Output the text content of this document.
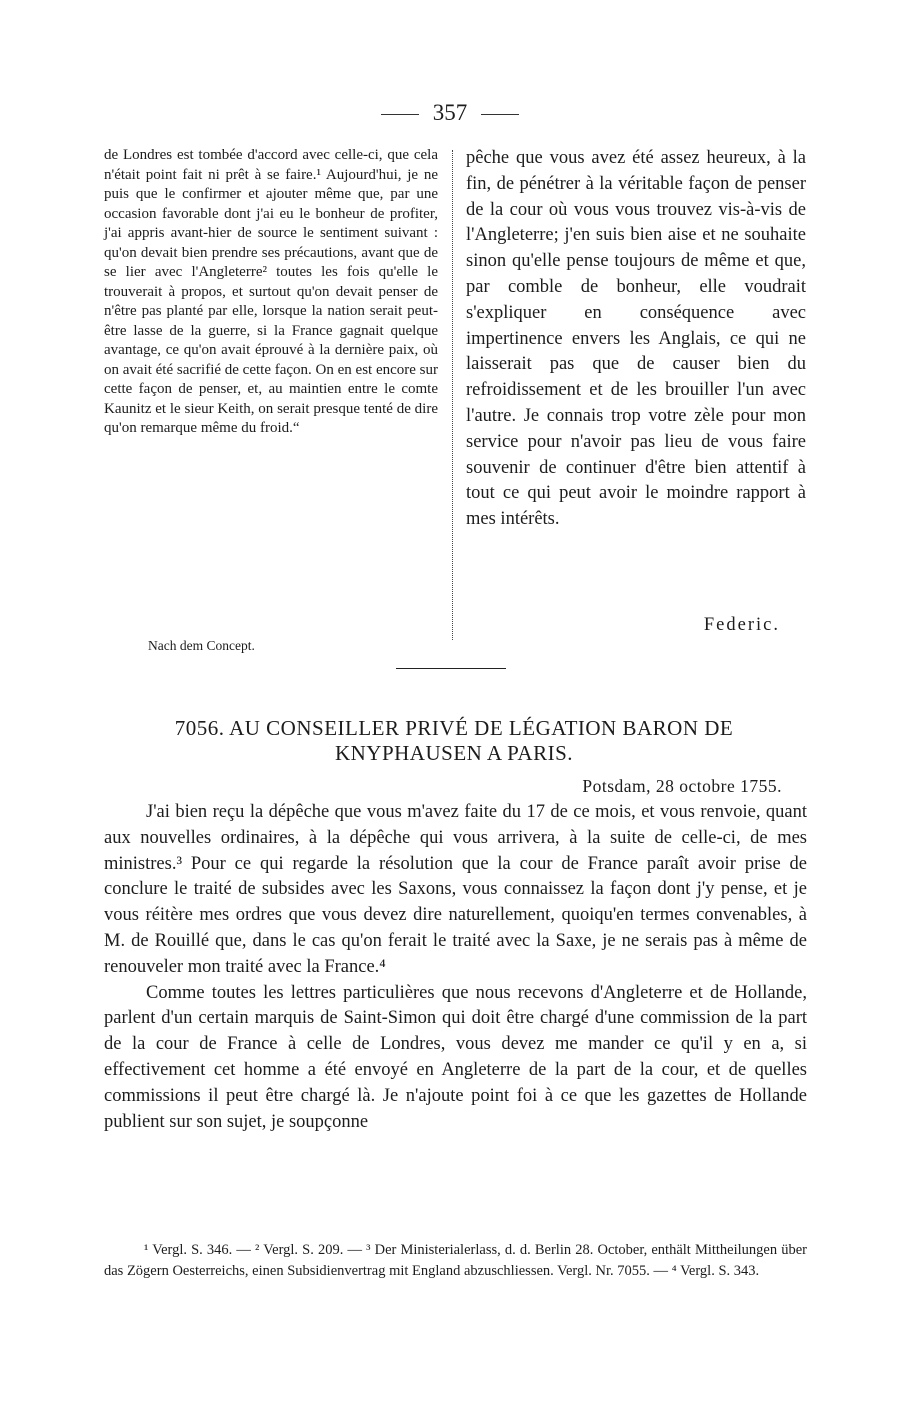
357

de Londres est tombée d'accord avec celle-ci, que cela n'était point fait ni prêt à se faire.¹ Aujourd'hui, je ne puis que le confirmer et ajouter même que, par une occasion favorable dont j'ai eu le bonheur de profiter, j'ai appris avant-hier de source le sentiment suivant : qu'on devait bien prendre ses précautions, avant que de se lier avec l'Angleterre² toutes les fois qu'elle le trouverait à propos, et surtout qu'on devait penser de n'être pas planté par elle, lorsque la nation serait peut-être lasse de la guerre, si la France gagnait quelque avantage, ce qu'on avait éprouvé à la dernière paix, où on avait été sacrifié de cette façon. On en est encore sur cette façon de penser, et, au maintien entre le comte Kaunitz et le sieur Keith, on serait presque tenté de dire qu'on remarque même du froid.“

pêche que vous avez été assez heureux, à la fin, de pénétrer à la véritable façon de penser de la cour où vous vous trouvez vis-à-vis de l'Angleterre; j'en suis bien aise et ne souhaite sinon qu'elle pense toujours de même et que, par comble de bonheur, elle voudrait s'expliquer en conséquence avec impertinence envers les Anglais, ce qui ne laisserait pas que de causer bien du refroidissement et de les brouiller l'un avec l'autre. Je connais trop votre zèle pour mon service pour n'avoir pas lieu de vous faire souvenir de continuer d'être bien attentif à tout ce qui peut avoir le moindre rapport à mes intérêts.

Federic.
Nach dem Concept.
7056. AU CONSEILLER PRIVÉ DE LÉGATION BARON DE KNYPHAUSEN A PARIS.
Potsdam, 28 octobre 1755.

J'ai bien reçu la dépêche que vous m'avez faite du 17 de ce mois, et vous renvoie, quant aux nouvelles ordinaires, à la dépêche qui vous arrivera, à la suite de celle-ci, de mes ministres.³ Pour ce qui regarde la résolution que la cour de France paraît avoir prise de conclure le traité de subsides avec les Saxons, vous connaissez la façon dont j'y pense, et je vous réitère mes ordres que vous devez dire naturellement, quoiqu'en termes convenables, à M. de Rouillé que, dans le cas qu'on ferait le traité avec la Saxe, je ne serais pas à même de renouveler mon traité avec la France.⁴

Comme toutes les lettres particulières que nous recevons d'Angleterre et de Hollande, parlent d'un certain marquis de Saint-Simon qui doit être chargé d'une commission de la part de la cour de France à celle de Londres, vous devez me mander ce qu'il y en a, si effectivement cet homme a été envoyé en Angleterre de la part de la cour, et de quelles commissions il peut être chargé là. Je n'ajoute point foi à ce que les gazettes de Hollande publient sur son sujet, je soupçonne

¹ Vergl. S. 346. — ² Vergl. S. 209. — ³ Der Ministerialerlass, d. d. Berlin 28. October, enthält Mittheilungen über das Zögern Oesterreichs, einen Subsidienvertrag mit England abzuschliessen. Vergl. Nr. 7055. — ⁴ Vergl. S. 343.
